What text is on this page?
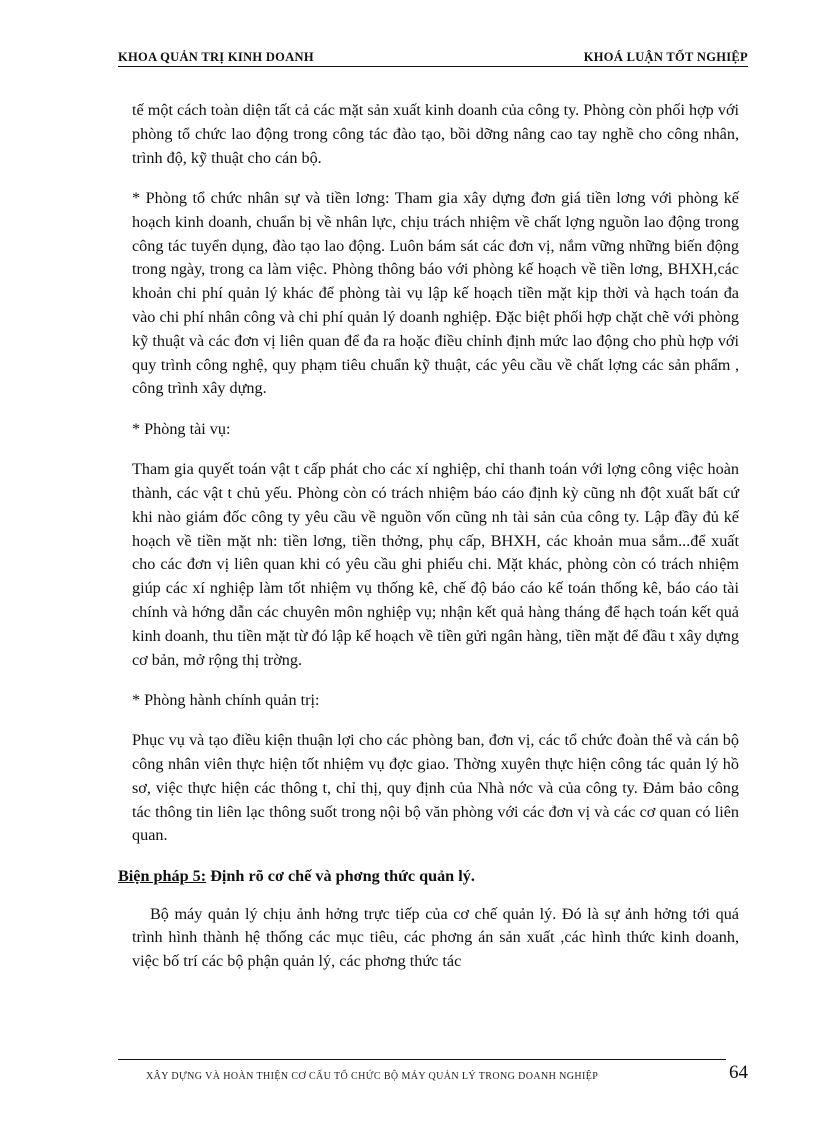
KHOA QUẢN TRỊ KINH DOANH	KHOÁ LUẬN TỐT NGHIỆP

tế một cách toàn diện tất cả các mặt sản xuất kinh doanh của công ty. Phòng còn phối hợp với phòng tổ chức lao động trong công tác đào tạo, bồi dỡng nâng cao tay nghề cho công nhân, trình độ, kỹ thuật cho cán bộ.

* Phòng tổ chức nhân sự và tiền lơng: Tham gia xây dựng đơn giá tiền lơng với phòng kế hoạch kinh doanh, chuẩn bị về nhân lực, chịu trách nhiệm về chất lợng nguồn lao động trong công tác tuyển dụng, đào tạo lao động. Luôn bám sát các đơn vị, nắm vững những biến động trong ngày, trong ca làm việc. Phòng thông báo với phòng kế hoạch về tiền lơng, BHXH,các khoản chi phí quản lý khác để phòng tài vụ lập kế hoạch tiền mặt kịp thời và hạch toán đa vào chi phí nhân công và chi phí quản lý doanh nghiệp. Đặc biệt phối hợp chặt chẽ với phòng kỹ thuật và các đơn vị liên quan để đa ra hoặc điều chỉnh định mức lao động cho phù hợp với quy trình công nghệ, quy phạm tiêu chuẩn kỹ thuật, các yêu cầu về chất lợng các sản phẩm , công trình xây dựng.

* Phòng tài vụ:

Tham gia quyết toán vật t cấp phát cho các xí nghiệp, chỉ thanh toán với lợng công việc hoàn thành, các vật t chủ yếu. Phòng còn có trách nhiệm báo cáo định kỳ cũng nh đột xuất bất cứ khi nào giám đốc công ty yêu cầu về nguồn vốn cũng nh tài sản của công ty. Lập đầy đủ kế hoạch về tiền mặt nh: tiền lơng, tiền thởng, phụ cấp, BHXH, các khoản mua sắm...để xuất cho các đơn vị liên quan khi có yêu cầu ghi phiếu chi. Mặt khác, phòng còn có trách nhiệm giúp các xí nghiệp làm tốt nhiệm vụ thống kê, chế độ báo cáo kế toán thống kê, báo cáo tài chính và hớng dẫn các chuyên môn nghiệp vụ; nhận kết quả hàng tháng để hạch toán kết quả kinh doanh, thu tiền mặt từ đó lập kế hoạch về tiền gửi ngân hàng, tiền mặt để đầu t xây dựng cơ bản, mở rộng thị trờng.

* Phòng hành chính quản trị:

Phục vụ và tạo điều kiện thuận lợi cho các phòng ban, đơn vị, các tổ chức đoàn thể và cán bộ công nhân viên thực hiện tốt nhiệm vụ đợc giao. Thờng xuyên thực hiện công tác quản lý hồ sơ, việc thực hiện các thông t, chỉ thị, quy định của Nhà nớc và của công ty. Đảm bảo công tác thông tin liên lạc thông suốt trong nội bộ văn phòng với các đơn vị và các cơ quan có liên quan.

Biện pháp 5: Định rõ cơ chế và phơng thức quản lý.

Bộ máy quản lý chịu ảnh hởng trực tiếp của cơ chế quản lý. Đó là sự ảnh hởng tới quá trình hình thành hệ thống các mục tiêu, các phơng án sản xuất ,các hình thức kinh doanh, việc bố trí các bộ phận quản lý, các phơng thức tác

XÂY DỰNG VÀ HOÀN THIỆN CƠ CẤU TỔ CHỨC BỘ MÁY QUẢN LÝ TRONG DOANH NGHIỆP	64
